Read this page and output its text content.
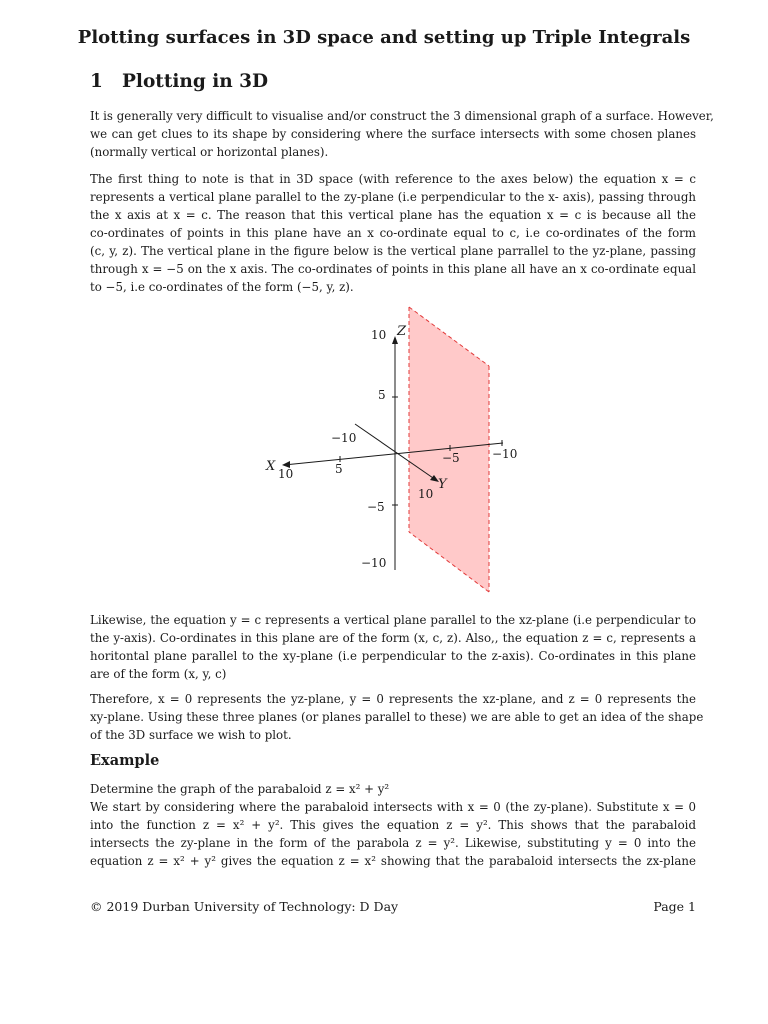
Plotting surfaces in 3D space and setting up Triple Integrals
1 Plotting in 3D
It is generally very difficult to visualise and/or construct the 3 dimensional graph of a surface. However,
we can get clues to its shape by considering where the surface intersects with some chosen planes
(normally vertical or horizontal planes).
The first thing to note is that in 3D space (with reference to the axes below) the equation x = c
represents a vertical plane parallel to the zy-plane (i.e perpendicular to the x- axis), passing through
the x axis at x = c. The reason that this vertical plane has the equation x = c is because all the
co-ordinates of points in this plane have an x co-ordinate equal to c, i.e co-ordinates of the form
(c, y, z). The vertical plane in the figure below is the vertical plane parrallel to the yz-plane, passing
through x = −5 on the x axis. The co-ordinates of points in this plane all have an x co-ordinate equal
to −5, i.e co-ordinates of the form (−5, y, z).
Z
X
Y
10
5
−5
−10
10	5
−5	−10
−10
10
Likewise, the equation y = c represents a vertical plane parallel to the xz-plane (i.e perpendicular to
the y-axis). Co-ordinates in this plane are of the form (x, c, z). Also,, the equation z = c, represents a
horitontal plane parallel to the xy-plane (i.e perpendicular to the z-axis). Co-ordinates in this plane
are of the form (x, y, c)
Therefore, x = 0 represents the yz-plane, y = 0 represents the xz-plane, and z = 0 represents the
xy-plane. Using these three planes (or planes parallel to these) we are able to get an idea of the shape
of the 3D surface we wish to plot.
Example
Determine the graph of the parabaloid z = x² + y²
We start by considering where the parabaloid intersects with x = 0 (the zy-plane). Substitute x = 0
into the function z = x² + y². This gives the equation z = y². This shows that the parabaloid
intersects the zy-plane in the form of the parabola z = y². Likewise, substituting y = 0 into the
equation z = x² + y² gives the equation z = x² showing that the parabaloid intersects the zx-plane
© 2019 Durban University of Technology: D Day	Page 1
